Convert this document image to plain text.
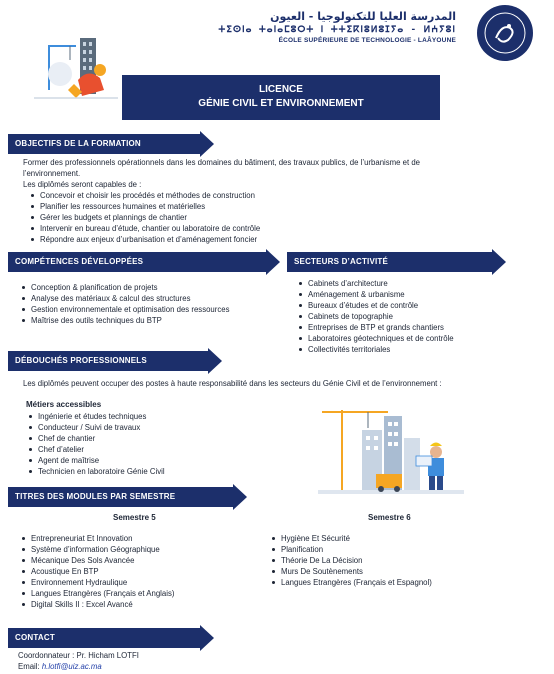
المدرسة العليا للتكنولوجيا - العيون
ⵜⵉⵙⵏⴰ ⵜⴰⵏⴰⵎⵓⵔⵜ ⵏ ⵜⵜⵉⴽⵏⵓⵍⵓⵊⵢⴰ - ⵍⵄⵢⵓⵏ
ÉCOLE SUPÉRIEURE DE TECHNOLOGIE - LAÂYOUNE
LICENCE
GÉNIE CIVIL ET ENVIRONNEMENT
OBJECTIFS DE LA FORMATION
Former des professionnels opérationnels dans les domaines du bâtiment, des travaux publics, de l’urbanisme et de
l’environnement.
Les diplômés seront capables de :
Concevoir et choisir les procédés et méthodes de construction
Planifier les ressources humaines et matérielles
Gérer les budgets et plannings de chantier
Intervenir en bureau d’étude, chantier ou laboratoire de contrôle
Répondre aux enjeux d’urbanisation et d’aménagement foncier
COMPÉTENCES DÉVELOPPÉES	SECTEURS D’ACTIVITÉ
Conception & planification de projets
Analyse des matériaux & calcul des structures
Gestion environnementale et optimisation des ressources
Maîtrise des outils techniques du BTP
Cabinets d’architecture
Aménagement & urbanisme
Bureaux d’études et de contrôle
Cabinets de topographie
Entreprises de BTP et grands chantiers
Laboratoires géotechniques et de contrôle
Collectivités territoriales
DÉBOUCHÉS PROFESSIONNELS
Les diplômés peuvent occuper des postes à haute responsabilité dans les secteurs du Génie Civil et de l’environnement :
Métiers accessibles
Ingénierie et études techniques
Conducteur / Suivi de travaux
Chef de chantier
Chef d’atelier
Agent de maîtrise
Technicien en laboratoire Génie Civil
TITRES DES MODULES PAR SEMESTRE
Semestre 5
Entrepreneuriat Et Innovation
Système d’information Géographique
Mécanique Des Sols Avancée
Acoustique En BTP
Environnement Hydraulique
Langues Etrangères (Français et Anglais)
Digital Skills II : Excel Avancé
Semestre 6
Hygiène Et Sécurité
Planification
Théorie De La Décision
Murs De Soutènements
Langues Etrangères (Français et Espagnol)
CONTACT
Coordonnateur : Pr. Hicham LOTFI
Email: h.lotfi@uiz.ac.ma
